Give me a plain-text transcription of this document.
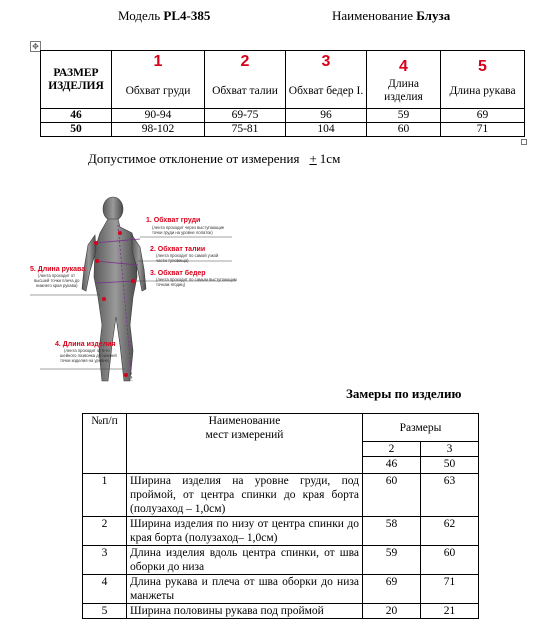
Модель PL4-385	Наименование Блуза
✥
РАЗМЕР ИЗДЕЛИЯ	1	2	3	4	5
	Обхват груди	Обхват талии	Обхват бедер I.	Длина изделия	Длина рукава
46	90-94	69-75	96	59	69
50	98-102	75-81	104	60	71
Допустимое отклонение от измерения + 1см
1. Обхват груди
(лента проходит через выступающие
точки груди на уровне лопаток)
2. Обхват талии
(лента проходит по самой узкой
части туловища)
3. Обхват бедер
(лента проходит по самым выступающим
точкам ягодиц)
5. Длина рукава
(лента проходит от
высшей точки плеча до
нижнего края рукава)
4. Длина изделия
(лента проходит от 6-го
шейного позвонка до нижней
точки изделия на уровне)
Замеры по изделию
№п/п	Наименование
мест измерений	Размеры	
		2	3
		46	50
1	Ширина изделия на уровне груди, под проймой, от центра спинки до края борта (полузаход – 1,0см)	60	63
2	Ширина изделия по низу от центра спинки до края борта (полузаход– 1,0см)	58	62
3	Длина изделия вдоль центра спинки, от шва оборки до низа	59	60
4	Длина рукава и плеча от шва оборки до низа манжеты	69	71
5	Ширина половины рукава под проймой	20	21
